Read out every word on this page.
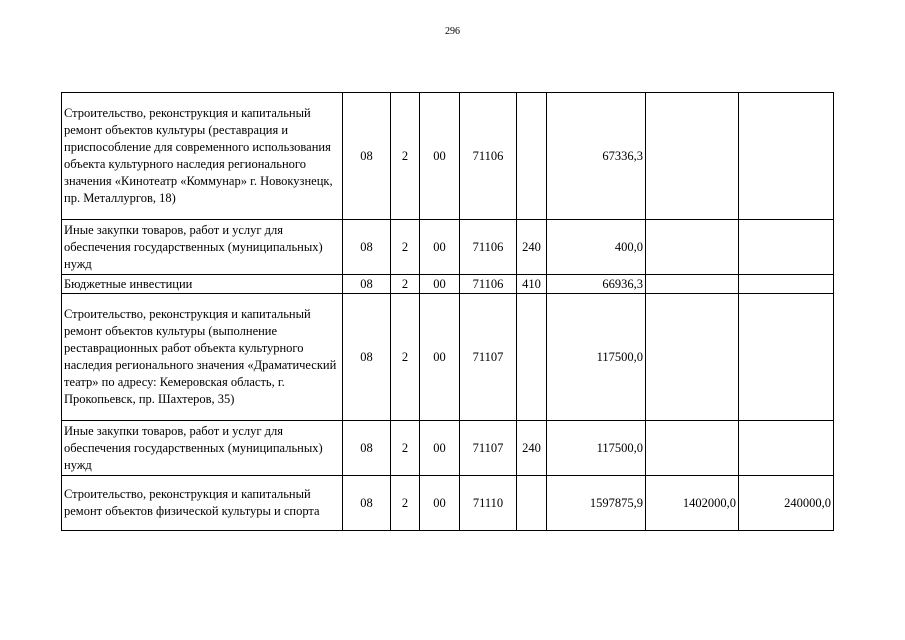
296
Строительство, реконструкция и капитальный ремонт объектов культуры (реставрация и приспособление для современного использования объекта культурного наследия регионального значения «Кинотеатр «Коммунар» г. Новокузнецк, пр. Металлургов, 18)	08	2	00	71106		67336,3		
Иные закупки товаров, работ и услуг для обеспечения государственных (муниципальных) нужд	08	2	00	71106	240	400,0		
Бюджетные инвестиции	08	2	00	71106	410	66936,3		
Строительство, реконструкция и капитальный ремонт объектов культуры (выполнение реставрационных работ объекта культурного наследия регионального значения «Драматический театр» по адресу: Кемеровская область, г. Прокопьевск, пр. Шахтеров, 35)	08	2	00	71107		117500,0		
Иные закупки товаров, работ и услуг для обеспечения государственных (муниципальных) нужд	08	2	00	71107	240	117500,0		
Строительство, реконструкция и капитальный ремонт объектов физической культуры и спорта	08	2	00	71110		1597875,9	1402000,0	240000,0
